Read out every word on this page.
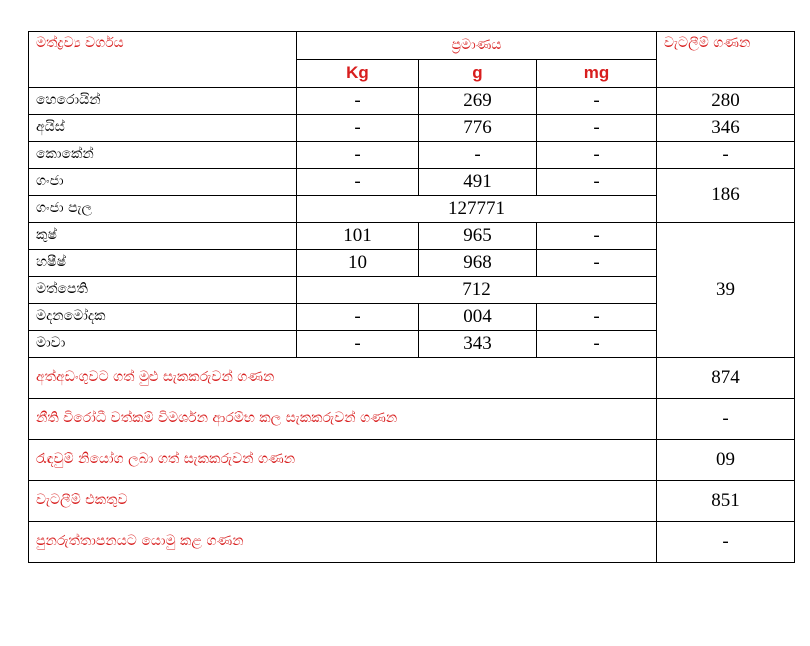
මත්ද්‍රව්‍ය වර්ගය	ප්‍රමාණය			වැටලීම් ගණන
	Kg	g	mg	
හෙරොයින්	-	269	-	280
අයිස්	-	776	-	346
කොකේන්	-	-	-	-
ගංජා	-	491	-	186
ගංජා පැල	127771			
කුෂ්	101	965	-	39
හෂීෂ්	10	968	-	
මත්පෙති	712			
මදනමෝදක	-	004	-	
මාවා	-	343	-	
අත්අඩංගුවට ගත් මුළු සැකකරුවන් ගණන				874
නීති විරෝධී වත්කම් විමර්ශන ආරම්භ කල සැකකරුවන් ගණන				-
රැඳවුම් නියෝග ලබා ගත් සැකකරුවන් ගණන				09
වැටලීම් එකතුව				851
පුනරුත්තාපනයට යොමු කළ ගණන				-
